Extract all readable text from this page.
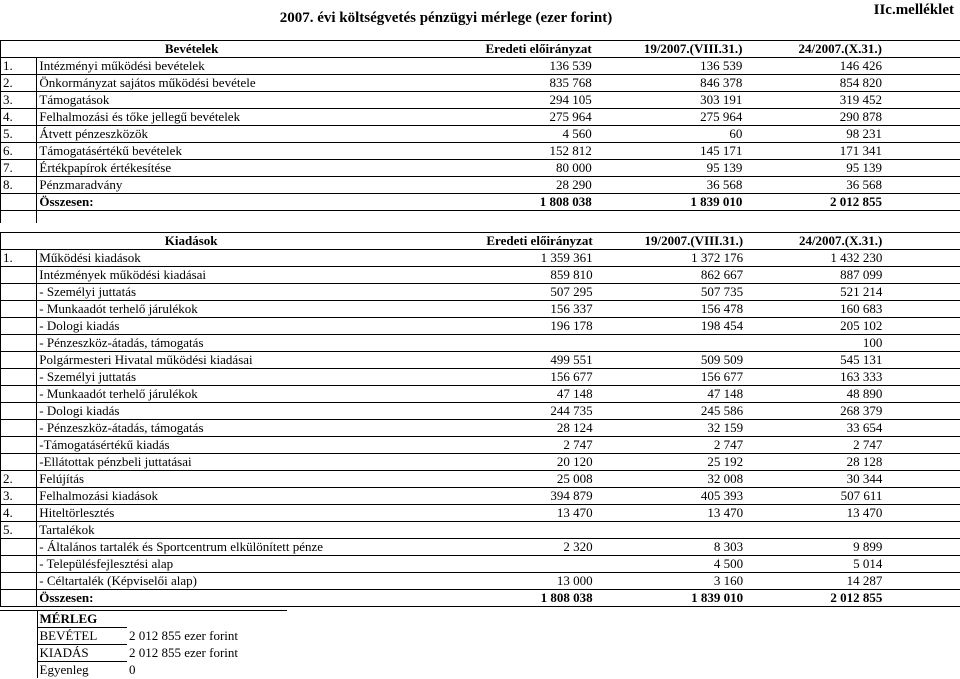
2007. évi költségvetés pénzügyi mérlege (ezer forint)	IIc.melléklet
	Bevételek	Eredeti előirányzat	19/2007.(VIII.31.)	24/2007.(X.31.)	
1.	Intézményi működési bevételek	136 539	136 539	146 426	
2.	Önkormányzat sajátos működési bevétele	835 768	846 378	854 820	
3.	Támogatások	294 105	303 191	319 452	
4.	Felhalmozási és tőke jellegű bevételek	275 964	275 964	290 878	
5.	Átvett pénzeszközök	4 560	60	98 231	
6.	Támogatásértékű bevételek	152 812	145 171	171 341	
7.	Értékpapírok értékesítése	80 000	95 139	95 139	
8.	Pénzmaradvány	28 290	36 568	36 568	
	Összesen:	1 808 038	1 839 010	2 012 855	

	Kiadások	Eredeti előirányzat	19/2007.(VIII.31.)	24/2007.(X.31.)	
1.	Működési kiadások	1 359 361	1 372 176	1 432 230	
	Intézmények működési kiadásai	859 810	862 667	887 099	
	- Személyi juttatás	507 295	507 735	521 214	
	- Munkaadót terhelő járulékok	156 337	156 478	160 683	
	- Dologi kiadás	196 178	198 454	205 102	
	- Pénzeszköz-átadás, támogatás			100	
	Polgármesteri Hivatal működési kiadásai	499 551	509 509	545 131	
	- Személyi juttatás	156 677	156 677	163 333	
	- Munkaadót terhelő járulékok	47 148	47 148	48 890	
	- Dologi kiadás	244 735	245 586	268 379	
	- Pénzeszköz-átadás, támogatás	28 124	32 159	33 654	
	-Támogatásértékű kiadás	2 747	2 747	2 747	
	-Ellátottak pénzbeli juttatásai	20 120	25 192	28 128	
2.	Felújítás	25 008	32 008	30 344	
3.	Felhalmozási kiadások	394 879	405 393	507 611	
4.	Hiteltörlesztés	13 470	13 470	13 470	
5.	Tartalékok				
	- Általános tartalék és Sportcentrum elkülönített pénze	2 320	8 303	9 899	
	- Településfejlesztési alap		4 500	5 014	
	- Céltartalék (Képviselői alap)	13 000	3 160	14 287	
	Összesen:	1 808 038	1 839 010	2 012 855	
	MÉRLEG	
	BEVÉTEL	2 012 855 ezer forint
	KIADÁS	2 012 855 ezer forint
	Egyenleg	0
